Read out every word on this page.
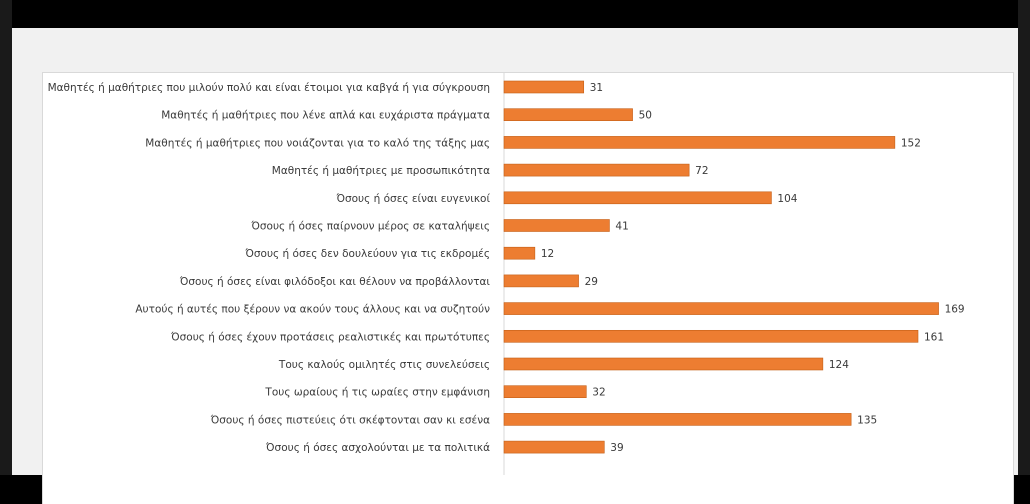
Μαθητές ή μαθήτριες που μιλούν πολύ και είναι έτοιμοι για καβγά ή για σύγκρουση	31
Μαθητές ή μαθήτριες που λένε απλά και ευχάριστα πράγματα	50
Μαθητές ή μαθήτριες που νοιάζονται για το καλό της τάξης μας	152
Μαθητές ή μαθήτριες με προσωπικότητα	72
Όσους ή όσες είναι ευγενικοί	104
Όσους ή όσες παίρνουν μέρος σε καταλήψεις	41
Όσους ή όσες δεν δουλεύουν για τις εκδρομές	12
Όσους ή όσες είναι φιλόδοξοι και θέλουν να προβάλλονται	29
Αυτούς ή αυτές που ξέρουν να ακούν τους άλλους και να συζητούν	169
Όσους ή όσες έχουν προτάσεις ρεαλιστικές και πρωτότυπες	161
Τους καλούς ομιλητές στις συνελεύσεις	124
Τους ωραίους ή τις ωραίες στην εμφάνιση	32
Όσους ή όσες πιστεύεις ότι σκέφτονται σαν κι εσένα	135
Όσους ή όσες ασχολούνται με τα πολιτικά	39
